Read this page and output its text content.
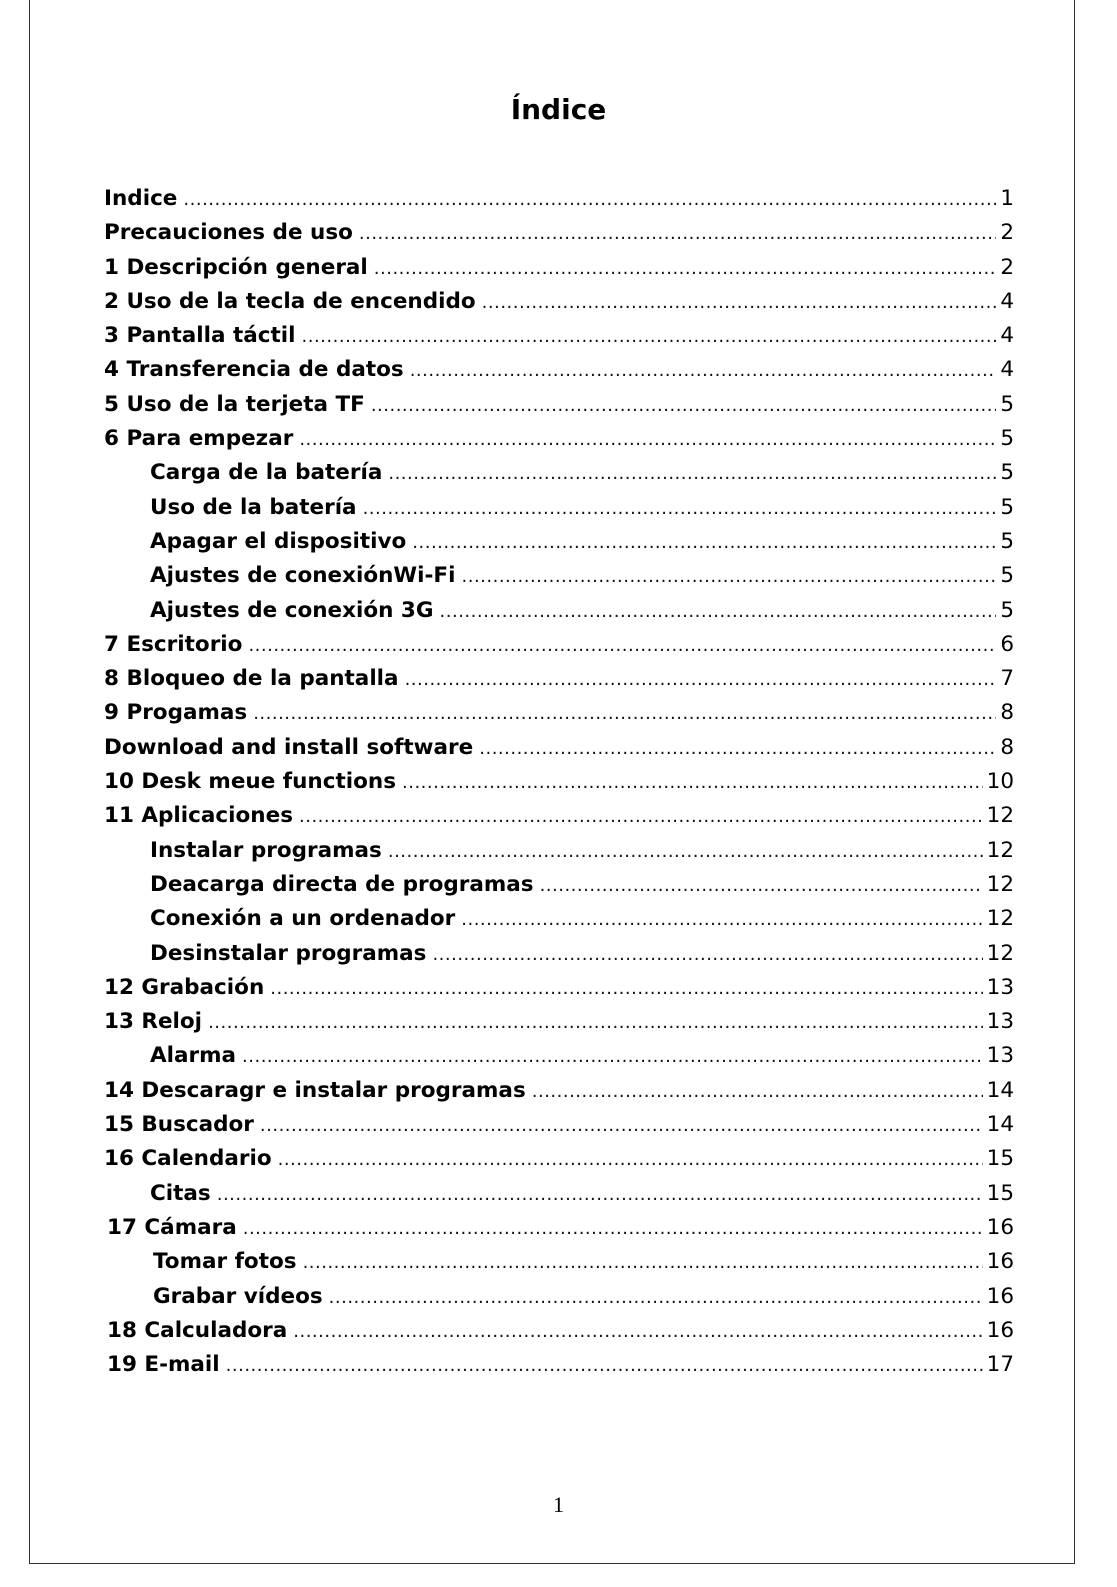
Índice
Indice .....	1
Precauciones de uso .....	2
1 Descripción general .....	2
2 Uso de la tecla de encendido .....	4
3 Pantalla táctil .....	4
4 Transferencia de datos .....	4
5 Uso de la terjeta TF .....	5
6 Para empezar .....	5
Carga de la batería .....	5
Uso de la batería .....	5
Apagar el dispositivo .....	5
Ajustes de conexiónWi-Fi .....	5
Ajustes de conexión 3G .....	5
7 Escritorio .....	6
8 Bloqueo de la pantalla .....	7
9 Progamas .....	8
Download and install software .....	8
10 Desk meue functions .....	10
11 Aplicaciones .....	12
Instalar programas .....	12
Deacarga directa de programas .....	12
Conexión a un ordenador .....	12
Desinstalar programas .....	12
12 Grabación .....	13
13 Reloj .....	13
Alarma .....	13
14 Descaragr e instalar programas .....	14
15 Buscador .....	14
16 Calendario .....	15
Citas .....	15
17 Cámara .....	16
Tomar fotos .....	16
Grabar vídeos .....	16
18 Calculadora .....	16
19 E-mail .....	17
1
